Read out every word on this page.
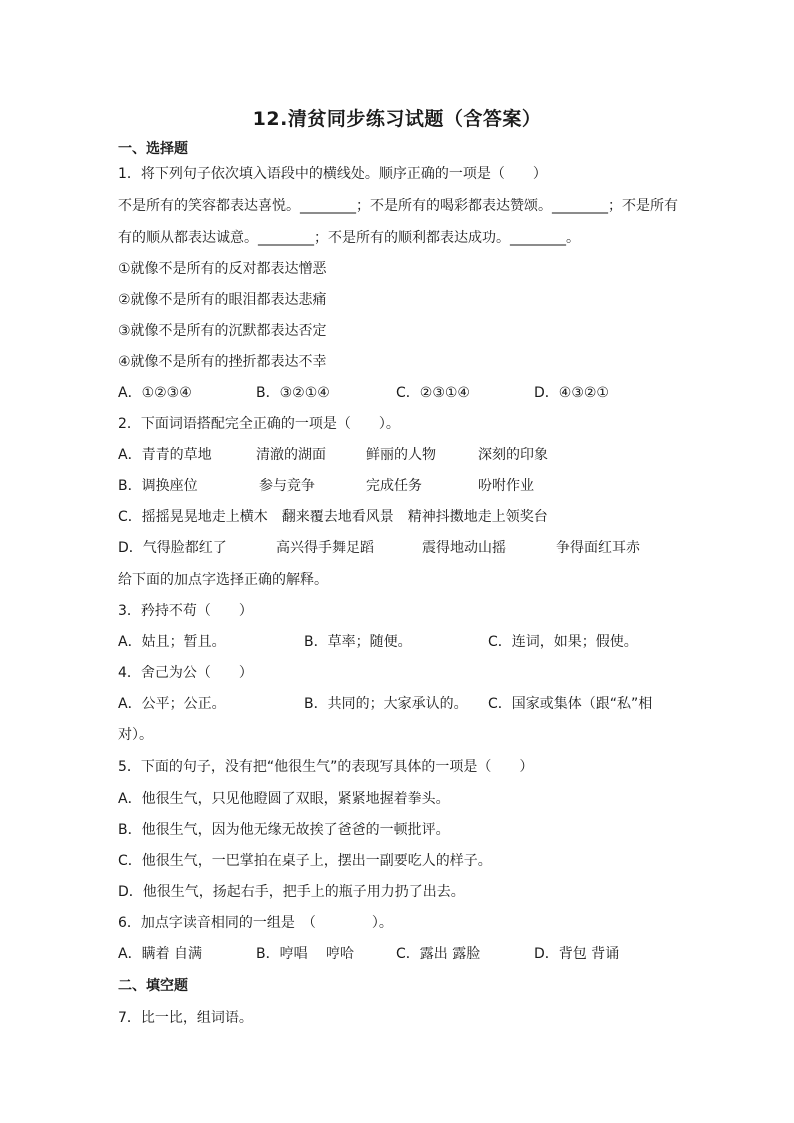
12.清贫同步练习试题（含答案）
一、选择题
1．将下列句子依次填入语段中的横线处。顺序正确的一项是（　　）
不是所有的笑容都表达喜悦。________；不是所有的喝彩都表达赞颂。________；不是所有
有的顺从都表达诚意。________；不是所有的顺利都表达成功。________。
①就像不是所有的反对都表达憎恶
②就像不是所有的眼泪都表达悲痛
③就像不是所有的沉默都表达否定
④就像不是所有的挫折都表达不幸
A．①②③④	B．③②①④	C．②③①④	D．④③②①
2．下面词语搭配完全正确的一项是（　　）。
A．青青的草地	清澈的湖面	鲜丽的人物	深刻的印象
B．调换座位	参与竞争	完成任务	吩咐作业
C．摇摇晃晃地走上横木　翻来覆去地看风景　精神抖擞地走上领奖台
D．气得脸都红了	高兴得手舞足蹈	震得地动山摇	争得面红耳赤
给下面的加点字选择正确的解释。
3．矜持不苟（　　）
A．姑且；暂且。	B．草率；随便。	C．连词，如果；假使。
4．舍己为公（　　）
A．公平；公正。	B．共同的；大家承认的。 C．国家或集体（跟“私”相
对）。
5．下面的句子，没有把“他很生气”的表现写具体的一项是（　　）
A．他很生气，只见他瞪圆了双眼，紧紧地握着拳头。
B．他很生气，因为他无缘无故挨了爸爸的一顿批评。
C．他很生气，一巴掌拍在桌子上，摆出一副要吃人的样子。
D．他很生气，扬起右手，把手上的瓶子用力扔了出去。
6．加点字读音相同的一组是　（　　　　）。
A．瞒着 自满	B．哼唱　 哼哈	C．露出 露脸	D．背包 背诵
二、填空题
7．比一比，组词语。
